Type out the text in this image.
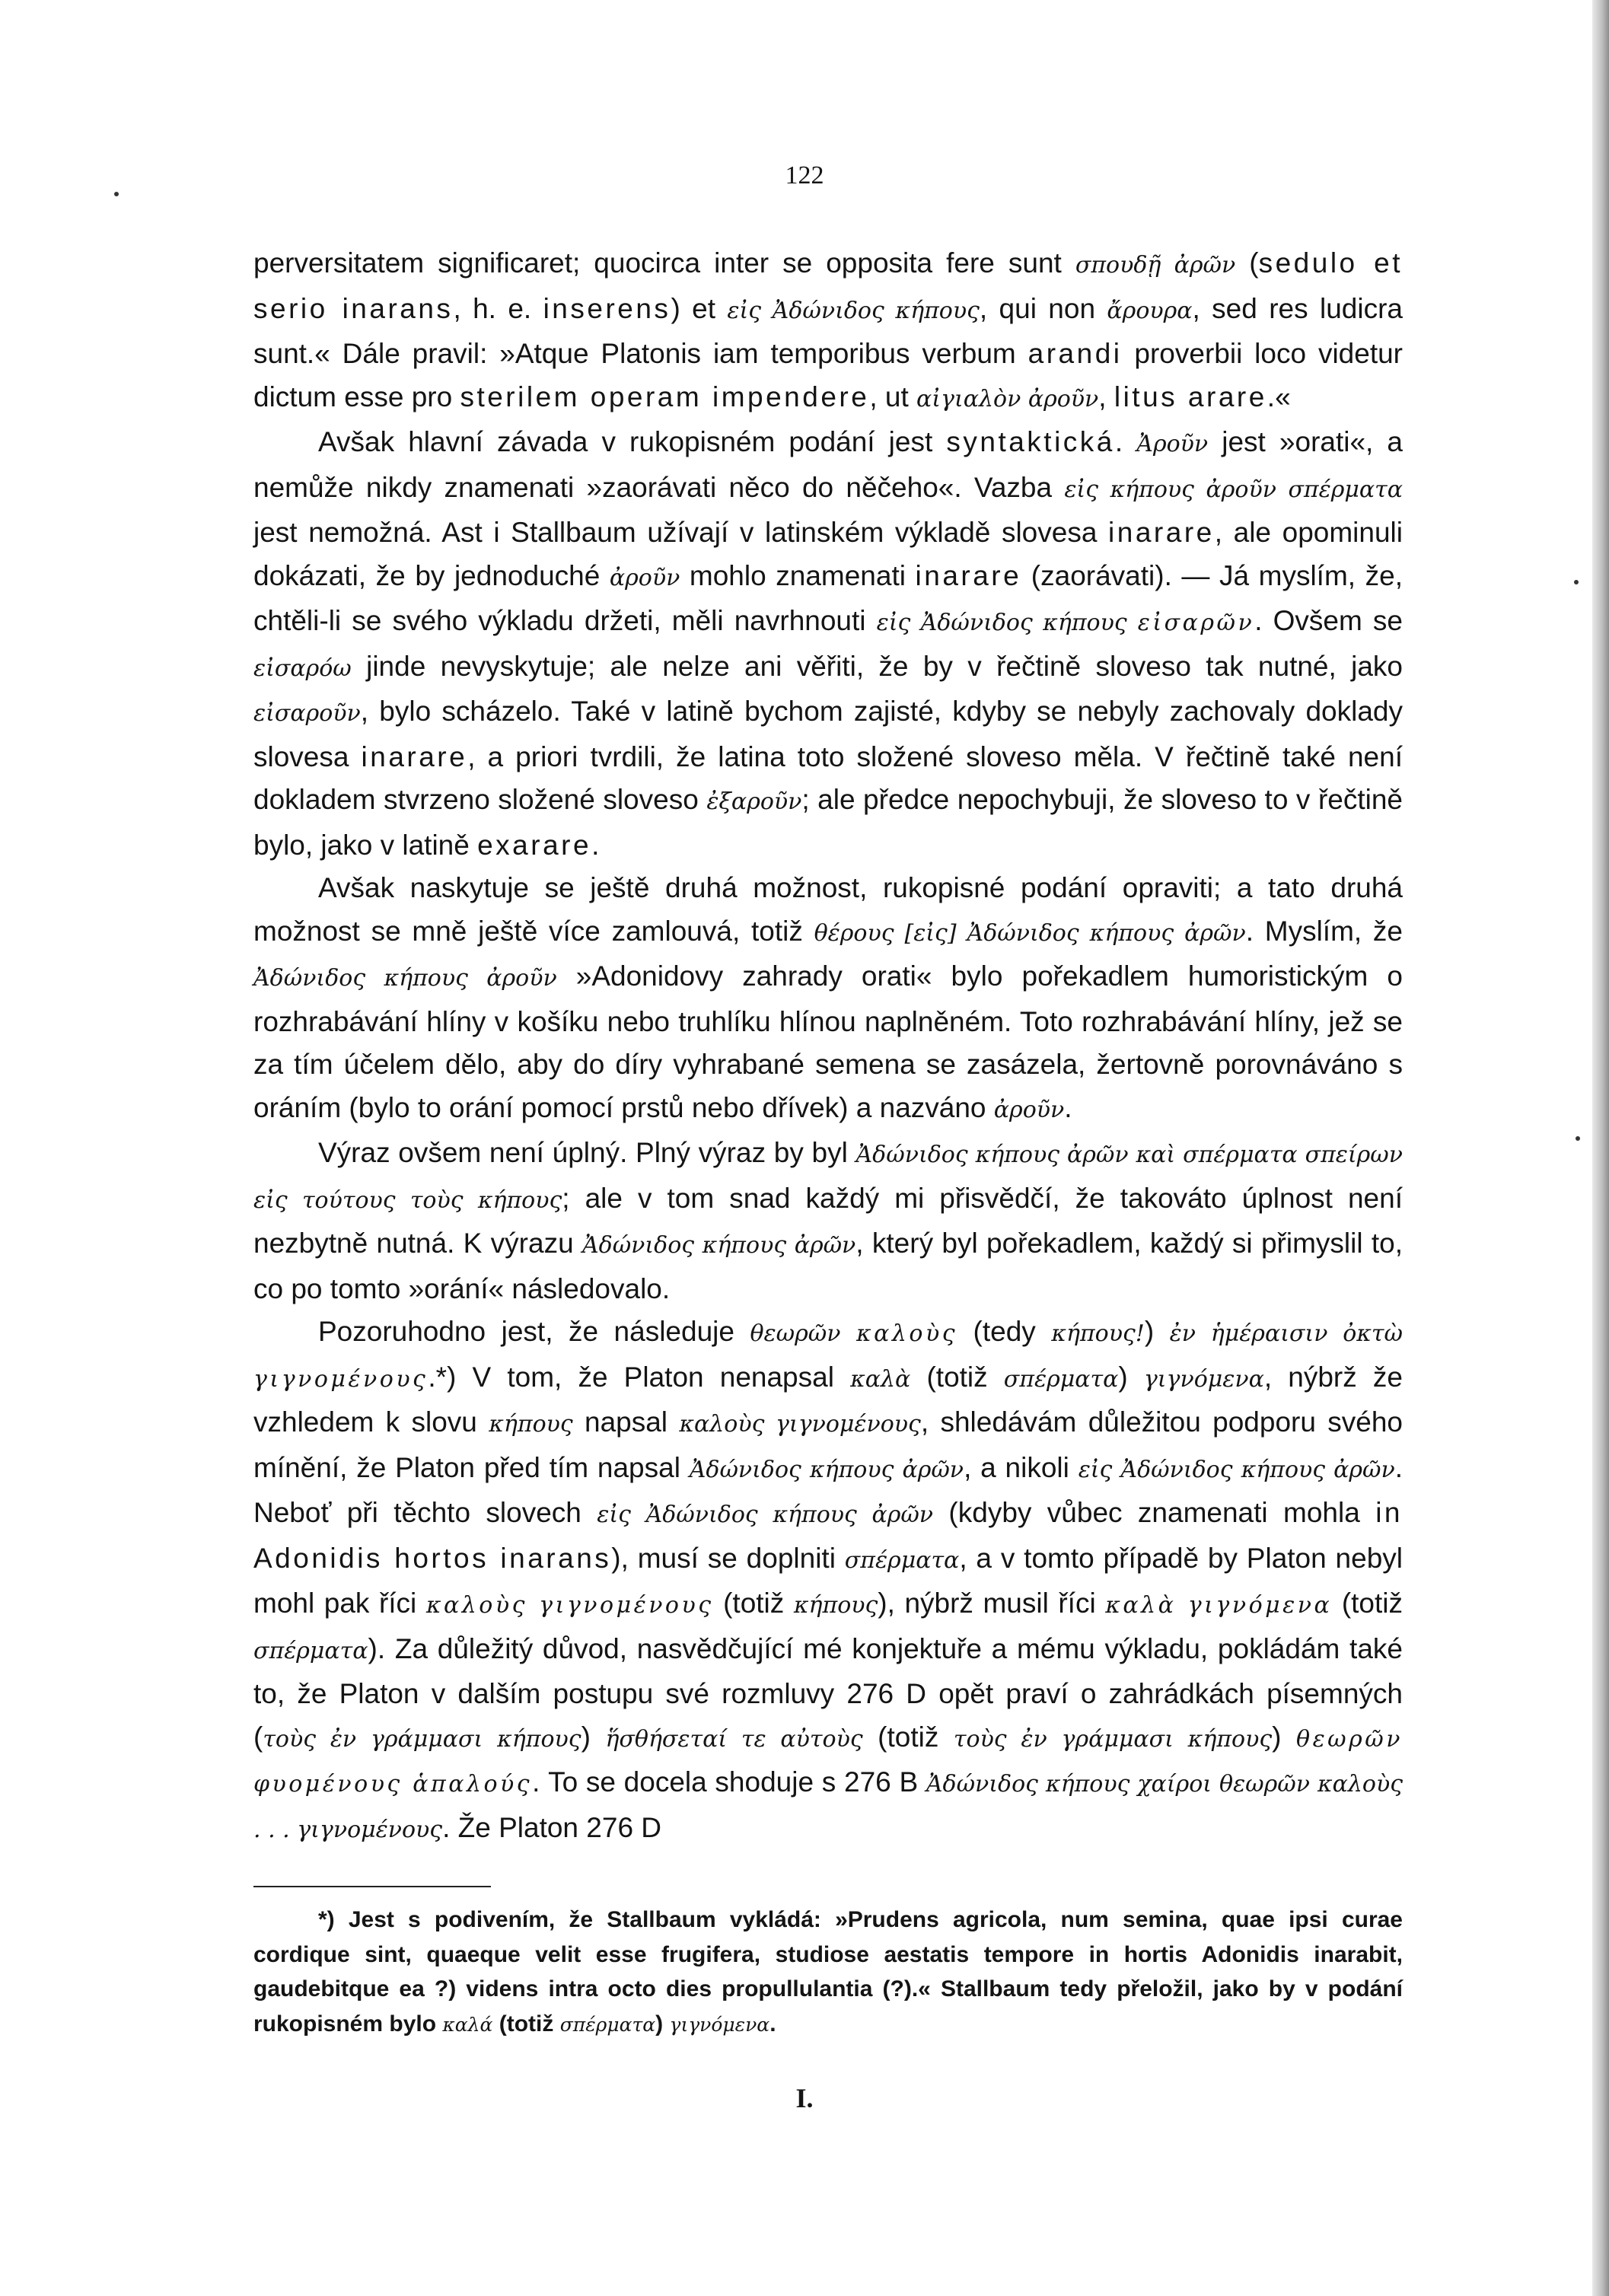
122

perversitatem significaret; quocirca inter se opposita fere sunt σπουδῇ ἀρῶν (sedulo et serio inarans, h. e. inserens) et εἰς Ἀδώνιδος κήπους, qui non ἄρουρα, sed res ludicra sunt.« Dále pravil: »Atque Platonis iam temporibus verbum arandi proverbii loco videtur dictum esse pro sterilem operam impendere, ut αἰγιαλὸν ἀροῦν, litus arare.«

Avšak hlavní závada v rukopisném podání jest syntaktická. Ἀροῦν jest »orati«, a nemůže nikdy znamenati »zaorávati něco do něčeho«. Vazba εἰς κήπους ἀροῦν σπέρματα jest nemožná. Ast i Stallbaum užívají v latinském výkladě slovesa inarare, ale opominuli dokázati, že by jednoduché ἀροῦν mohlo znamenati inarare (zaorávati). — Já myslím, že, chtěli-li se svého výkladu držeti, měli navrhnouti εἰς Ἀδώνιδος κήπους εἰσαρῶν. Ovšem se εἰσαρόω jinde nevyskytuje; ale nelze ani věřiti, že by v řečtině sloveso tak nutné, jako εἰσαροῦν, bylo scházelo. Také v latině bychom zajisté, kdyby se nebyly zachovaly doklady slovesa inarare, a priori tvrdili, že latina toto složené sloveso měla. V řečtině také není dokladem stvrzeno složené sloveso ἐξαροῦν; ale předce nepochybuji, že sloveso to v řečtině bylo, jako v latině exarare.

Avšak naskytuje se ještě druhá možnost, rukopisné podání opraviti; a tato druhá možnost se mně ještě více zamlouvá, totiž θέρους [εἰς] Ἀδώνιδος κήπους ἀρῶν. Myslím, že Ἀδώνιδος κήπους ἀροῦν »Adonidovy zahrady orati« bylo pořekadlem humoristickým o rozhrabávání hlíny v košíku nebo truhlíku hlínou naplněném. Toto rozhrabávání hlíny, jež se za tím účelem dělo, aby do díry vyhrabané semena se zasázela, žertovně porovnáváno s oráním (bylo to orání pomocí prstů nebo dřívek) a nazváno ἀροῦν.

Výraz ovšem není úplný. Plný výraz by byl Ἀδώνιδος κήπους ἀρῶν καὶ σπέρματα σπείρων εἰς τούτους τοὺς κήπους; ale v tom snad každý mi přisvědčí, že takováto úplnost není nezbytně nutná. K výrazu Ἀδώνιδος κήπους ἀρῶν, který byl pořekadlem, každý si přimyslil to, co po tomto »orání« následovalo.

Pozoruhodno jest, že následuje θεωρῶν καλοὺς (tedy κήπους!) ἐν ἡμέραισιν ὀκτὼ γιγνομένους.*) V tom, že Platon nenapsal καλὰ (totiž σπέρματα) γιγνόμενα, nýbrž že vzhledem k slovu κήπους napsal καλοὺς γιγνομένους, shledávám důležitou podporu svého mínění, že Platon před tím napsal Ἀδώνιδος κήπους ἀρῶν, a nikoli εἰς Ἀδώνιδος κήπους ἀρῶν. Neboť při těchto slovech εἰς Ἀδώνιδος κήπους ἀρῶν (kdyby vůbec znamenati mohla in Adonidis hortos inarans), musí se doplniti σπέρματα, a v tomto případě by Platon nebyl mohl pak říci καλοὺς γιγνομένους (totiž κήπους), nýbrž musil říci καλὰ γιγνόμενα (totiž σπέρματα). Za důležitý důvod, nasvědčující mé konjektuře a mému výkladu, pokládám také to, že Platon v dalším postupu své rozmluvy 276 D opět praví o zahrádkách písemných (τοὺς ἐν γράμμασι κήπους) ἥσθήσεταί τε αὐτοὺς (totiž τοὺς ἐν γράμμασι κήπους) θεωρῶν φυομένους ἁπαλούς. To se docela shoduje s 276 B Ἀδώνιδος κήπους χαίροι θεωρῶν καλοὺς . . . γιγνομένους. Že Platon 276 D

*) Jest s podivením, že Stallbaum vykládá: »Prudens agricola, num semina, quae ipsi curae cordique sint, quaeque velit esse frugifera, studiose aestatis tempore in hortis Adonidis inarabit, gaudebitque ea ?) videns intra octo dies propullulantia (?).« Stallbaum tedy přeložil, jako by v podání rukopisném bylo καλά (totiž σπέρματα) γιγνόμενα.

I.
